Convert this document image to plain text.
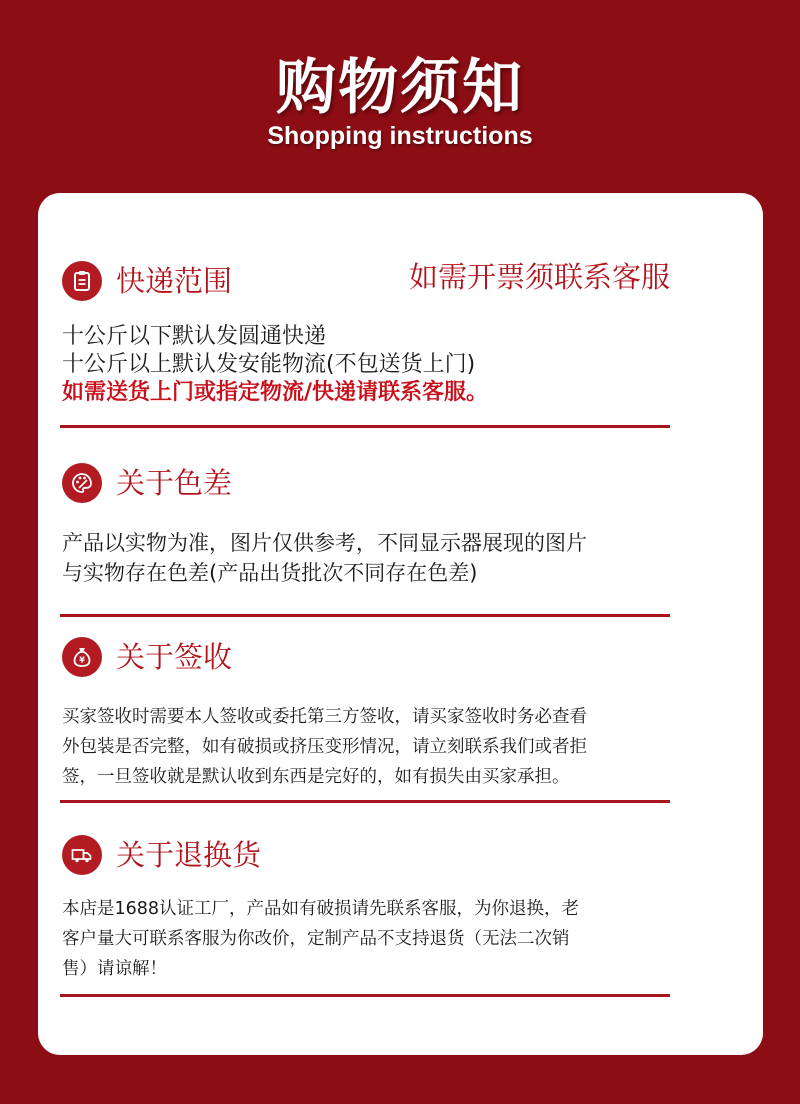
购物须知
Shopping instructions
快递范围	如需开票须联系客服
十公斤以下默认发圆通快递
十公斤以上默认发安能物流(不包送货上门)
如需送货上门或指定物流/快递请联系客服。
关于色差
产品以实物为准，图片仅供参考，不同显示器展现的图片
与实物存在色差(产品出货批次不同存在色差)
¥ 关于签收
买家签收时需要本人签收或委托第三方签收，请买家签收时务必查看
外包装是否完整，如有破损或挤压变形情况，请立刻联系我们或者拒
签，一旦签收就是默认收到东西是完好的，如有损失由买家承担。
关于退换货
本店是1688认证工厂，产品如有破损请先联系客服，为你退换，老
客户量大可联系客服为你改价，定制产品不支持退货（无法二次销
售）请谅解！
